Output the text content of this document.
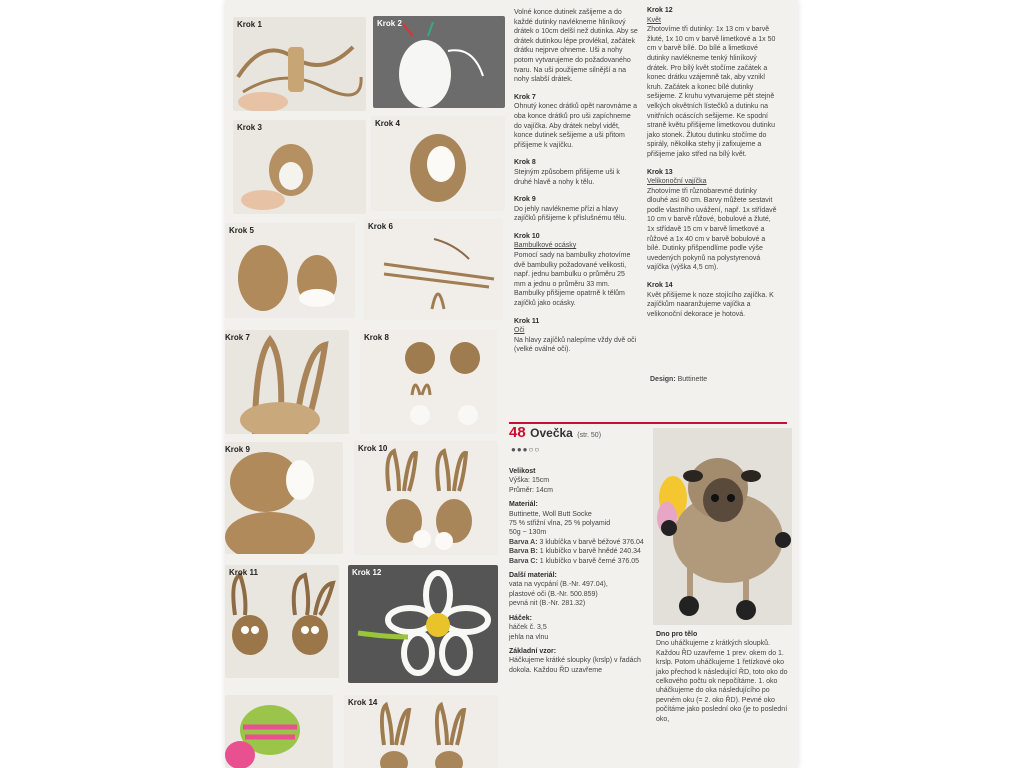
Krok 1	Krok 2
Krok 3	Krok 4
Krok 5	Krok 6
Krok 7	Krok 8
Krok 9	Krok 10
Krok 11	Krok 12
Krok 14

Volné konce dutinek zašijeme a do každé dutinky navlékneme hliníkový drátek o 10cm delší než dutinka. Aby se drátek dutinkou lépe provlékal, začátek drátku nejprve ohneme. Uši a nohy potom vytvarujeme do požadovaného tvaru. Na uši použijeme silnější a na nohy slabší drátek.

Krok 7
Ohnutý konec drátků opět narovnáme a oba konce drátků pro uši zapíchneme do vajíčka. Aby drátek nebyl vidět, konce dutinek sešijeme a uši přitom přišijeme k vajíčku.

Krok 8
Stejným způsobem přišijeme uši k druhé hlavě a nohy k tělu.

Krok 9
Do jehly navlékneme přízi a hlavy zajíčků přišijeme k příslušnému tělu.

Krok 10
Bambulkové ocásky
Pomocí sady na bambulky zhotovíme dvě bambulky požadované velikosti, např. jednu bambulku o průměru 25 mm a jednu o průměru 33 mm. Bambulky přišijeme opatrně k tělům zajíčků jako ocásky.

Krok 11
Oči
Na hlavy zajíčků nalepíme vždy dvě oči (velké oválné oči).

Krok 12
Květ
Zhotovíme tři dutinky: 1x 13 cm v barvě žluté, 1x 10 cm v barvě limetkové a 1x 50 cm v barvě bílé. Do bílé a limetkové dutinky navlékneme tenký hliníkový drátek. Pro bílý květ stočíme začátek a konec drátku vzájemně tak, aby vznikl kruh. Začátek a konec bílé dutinky sešijeme. Z kruhu vytvarujeme pět stejně velkých okvětních lístečků a dutinku na vnitřních ocáscích sešijeme. Ke spodní straně květu přišijeme limetkovou dutinku jako stonek. Žlutou dutinku stočíme do spirály, několika stehy ji zafixujeme a přišijeme jako střed na bílý květ.

Krok 13
Velikonoční vajíčka
Zhotovíme tři různobarevné dutinky dlouhé asi 80 cm. Barvy můžete sestavit podle vlastního uvážení, např. 1x střídavě 10 cm v barvě růžové, bobulové a žluté, 1x střídavě 15 cm v barvě limetkové a růžové a 1x 40 cm v barvě bobulové a bílé. Dutinky přišpendlíme podle výše uvedených pokynů na polystyrenová vajíčka (výška 4,5 cm).

Krok 14
Květ přišijeme k noze stojícího zajíčka. K zajíčkům naaranžujeme vajíčka a velikonoční dekorace je hotová.

Design: Buttinette
48 Ovečka (str. 50)
●●●○○
Velikost
Výška: 15cm
Průměr: 14cm
Materiál:
Buttinette, Woll Butt Socke
75 % střižní vlna, 25 % polyamid
50g ~ 130m
Barva A: 3 klubíčka v barvě béžové 376.04
Barva B: 1 klubíčko v barvě hnědé 240.34
Barva C: 1 klubíčko v barvě černé 376.05
Další materiál:
vata na vycpání (B.-Nr. 497.04),
plastové oči (B.-Nr. 500.859)
pevná nit (B.-Nr. 281.32)
Háček:
háček č. 3,5
jehla na vlnu
Základní vzor:
Háčkujeme krátké sloupky (krslp) v řadách dokola. Každou ŘD uzavřeme
Dno pro tělo
Dno uháčkujeme z krátkých sloupků. Každou ŘD uzavřeme 1 prev. okem do 1. krslp. Potom uháčkujeme 1 řetízkové oko jako přechod k následující ŘD, toto oko do celkového počtu ok nepočítáme. 1. oko uháčkujeme do oka následujícího po pevném oku (= 2. oko ŘD). Pevné oko počítáme jako poslední oko (je to poslední oko,
